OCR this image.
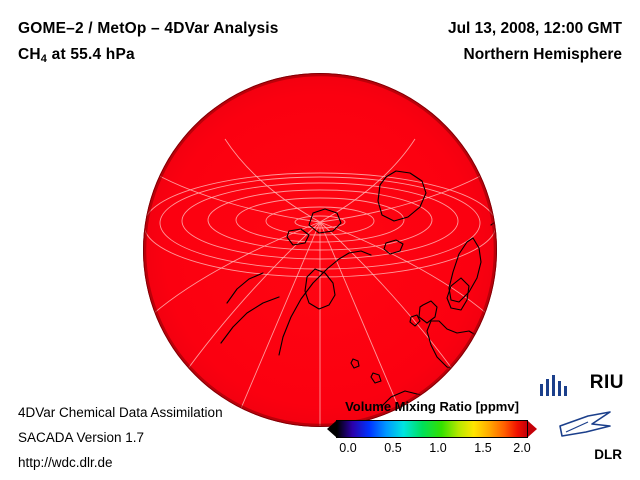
GOME–2 / MetOp – 4DVar Analysis
$CH_4$ at 55.4 hPa
Jul 13, 2008, 12:00 GMT
Northern Hemisphere
4DVar Chemical Data Assimilation
SACADA Version 1.7
http://wdc.dlr.de
Volume Mixing Ratio [ppmv]
0.0 0.5 1.0 1.5 2.0
RIU
DLR
